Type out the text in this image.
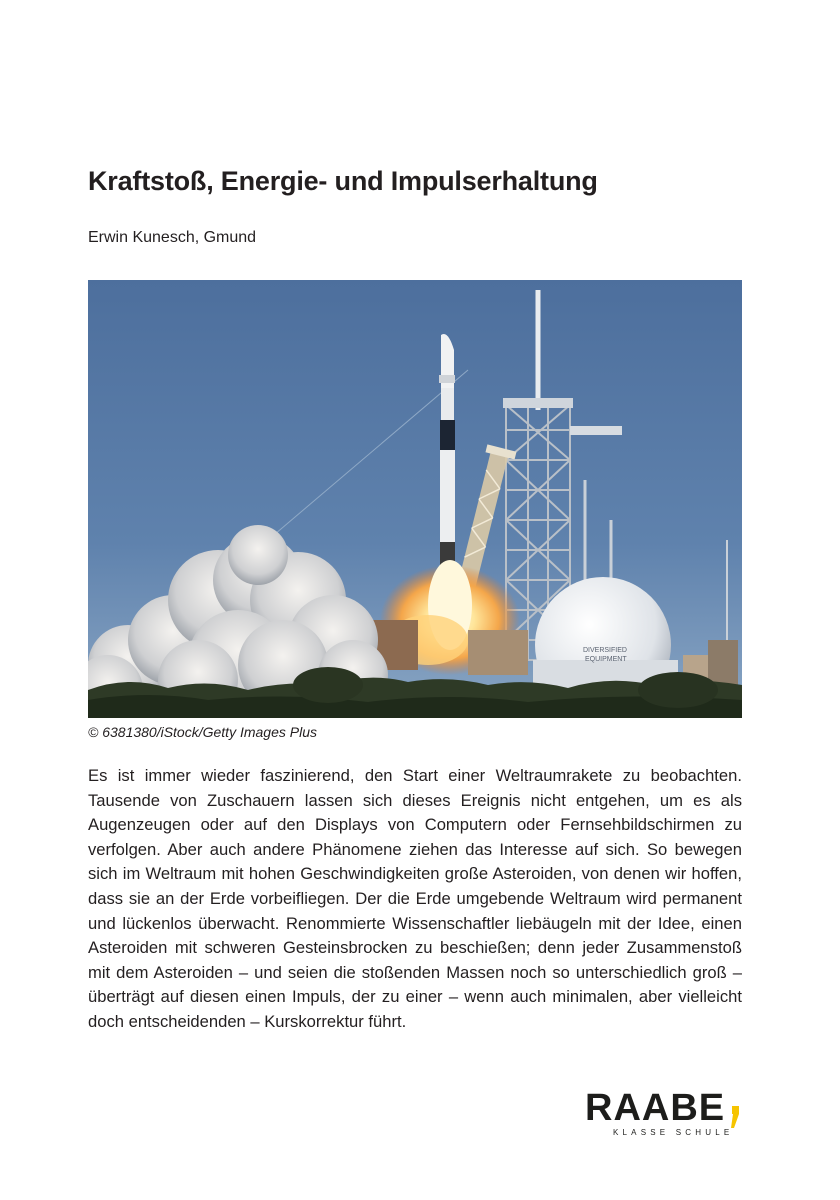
Kraftstoß, Energie- und Impulserhaltung
Erwin Kunesch, Gmund
DIVERSIFIED
EQUIPMENT
© 6381380/iStock/Getty Images Plus

Es ist immer wieder faszinierend, den Start einer Weltraumrakete zu beobachten. Tausende von Zuschauern lassen sich dieses Ereignis nicht entgehen, um es als Augenzeugen oder auf den Displays von Computern oder Fernsehbildschirmen zu verfolgen. Aber auch andere Phänomene ziehen das Interesse auf sich. So bewegen sich im Weltraum mit hohen Geschwindigkeiten große Asteroiden, von denen wir hoffen, dass sie an der Erde vorbeifliegen. Der die Erde umgebende Weltraum wird permanent und lückenlos überwacht. Renommierte Wissenschaftler liebäugeln mit der Idee, einen Asteroiden mit schweren Gesteinsbrocken zu beschießen; denn jeder Zusammenstoß mit dem Asteroiden – und seien die stoßenden Massen noch so unterschiedlich groß – überträgt auf diesen einen Impuls, der zu einer – wenn auch minimalen, aber vielleicht doch entscheidenden – Kurskorrektur führt.

RAABE
KLASSE SCHULE
